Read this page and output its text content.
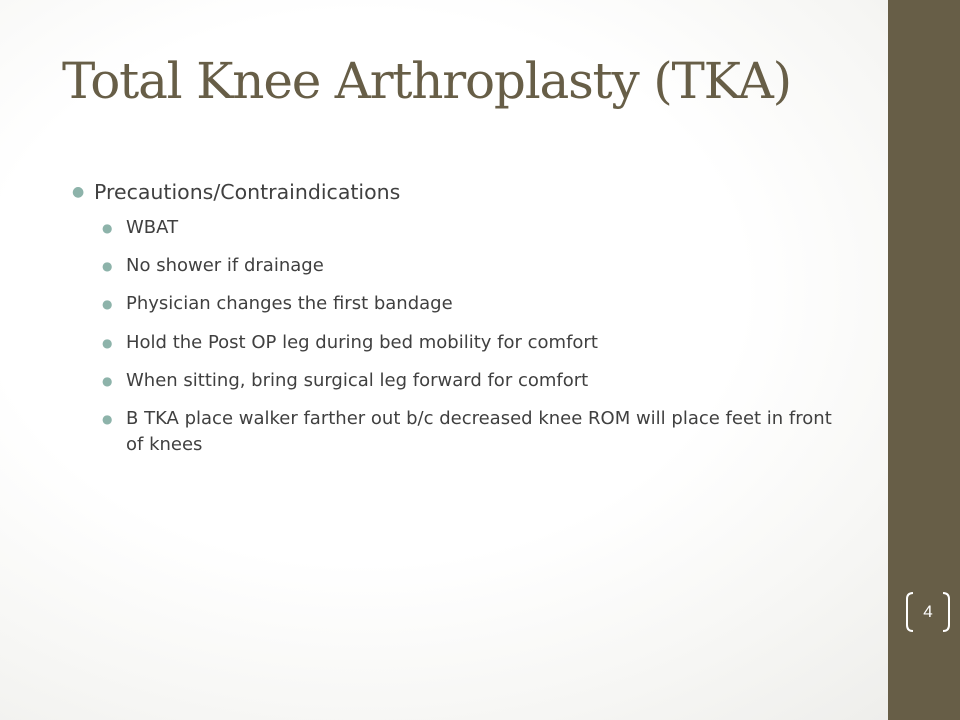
Total Knee Arthroplasty (TKA)
● Precautions/Contraindications
● WBAT
● No shower if drainage
● Physician changes the first bandage
● Hold the Post OP leg during bed mobility for comfort
● When sitting, bring surgical leg forward for comfort
● B TKA place walker farther out b/c decreased knee ROM will place feet in front of knees
4
